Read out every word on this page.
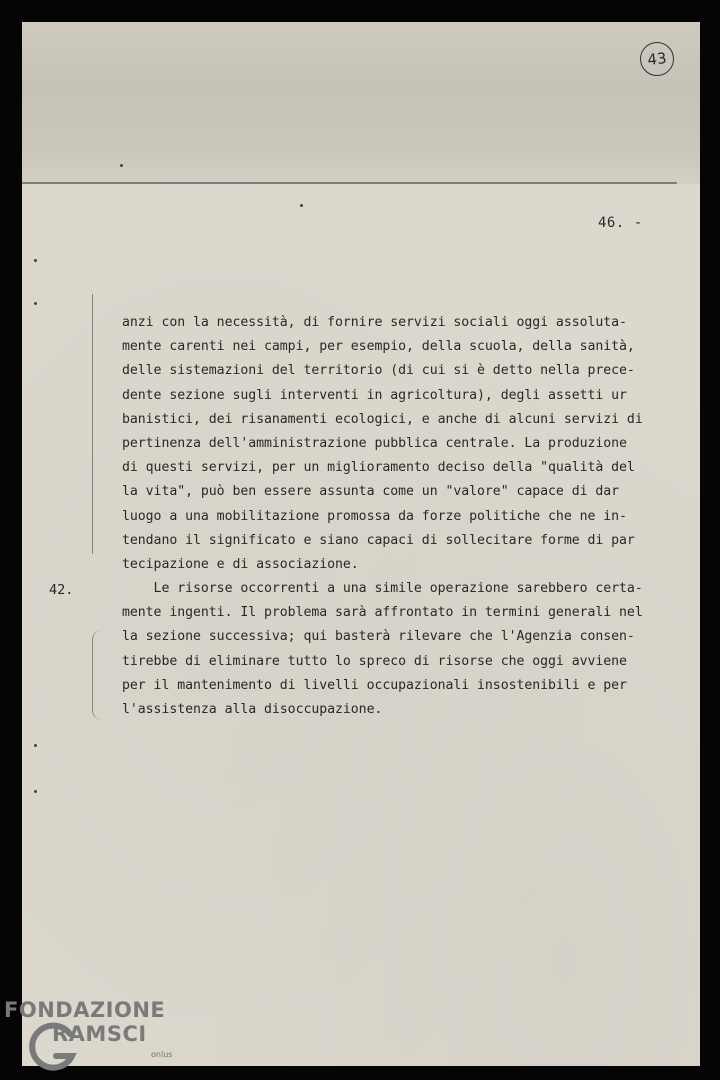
43
46. -
42.
anzi con la necessità, di fornire servizi sociali oggi assoluta-
mente carenti nei campi, per esempio, della scuola, della sanità,
delle sistemazioni del territorio (di cui si è detto nella prece-
dente sezione sugli interventi in agricoltura), degli assetti ur
banistici, dei risanamenti ecologici, e anche di alcuni servizi di
pertinenza dell'amministrazione pubblica centrale. La produzione
di questi servizi, per un miglioramento deciso della "qualità del
la vita", può ben essere assunta come un "valore" capace di dar
luogo a una mobilitazione promossa da forze politiche che ne in-
tendano il significato e siano capaci di sollecitare forme di par
tecipazione e di associazione.
Le risorse occorrenti a una simile operazione sarebbero certa-
mente ingenti. Il problema sarà affrontato in termini generali nel
la sezione successiva; qui basterà rilevare che l'Agenzia consen-
tirebbe di eliminare tutto lo spreco di risorse che oggi avviene
per il mantenimento di livelli occupazionali insostenibili e per
l'assistenza alla disoccupazione.
FONDAZIONE
RAMSCI
onlus
